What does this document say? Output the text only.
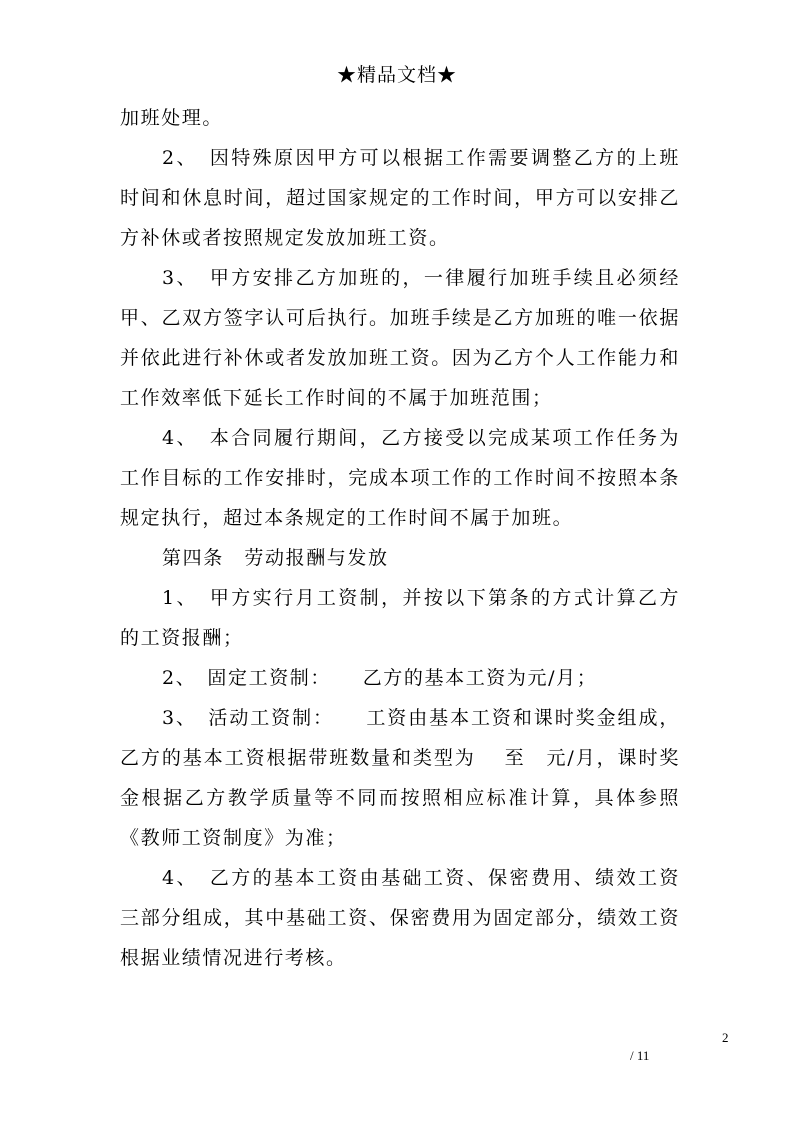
★精品文档★

加班处理。

2、　因特殊原因甲方可以根据工作需要调整乙方的上班时间和休息时间，超过国家规定的工作时间，甲方可以安排乙方补休或者按照规定发放加班工资。

3、　甲方安排乙方加班的，一律履行加班手续且必须经甲、乙双方签字认可后执行。加班手续是乙方加班的唯一依据并依此进行补休或者发放加班工资。因为乙方个人工作能力和工作效率低下延长工作时间的不属于加班范围；

4、　本合同履行期间，乙方接受以完成某项工作任务为工作目标的工作安排时，完成本项工作的工作时间不按照本条规定执行，超过本条规定的工作时间不属于加班。

第四条　劳动报酬与发放

1、　甲方实行月工资制，并按以下第条的方式计算乙方的工资报酬；

2、　固定工资制：　　乙方的基本工资为元/月；

3、　活动工资制：　　工资由基本工资和课时奖金组成，乙方的基本工资根据带班数量和类型为　 至　元/月，课时奖金根据乙方教学质量等不同而按照相应标准计算，具体参照《教师工资制度》为准；

4、　乙方的基本工资由基础工资、保密费用、绩效工资三部分组成，其中基础工资、保密费用为固定部分，绩效工资根据业绩情况进行考核。

2
/ 11
